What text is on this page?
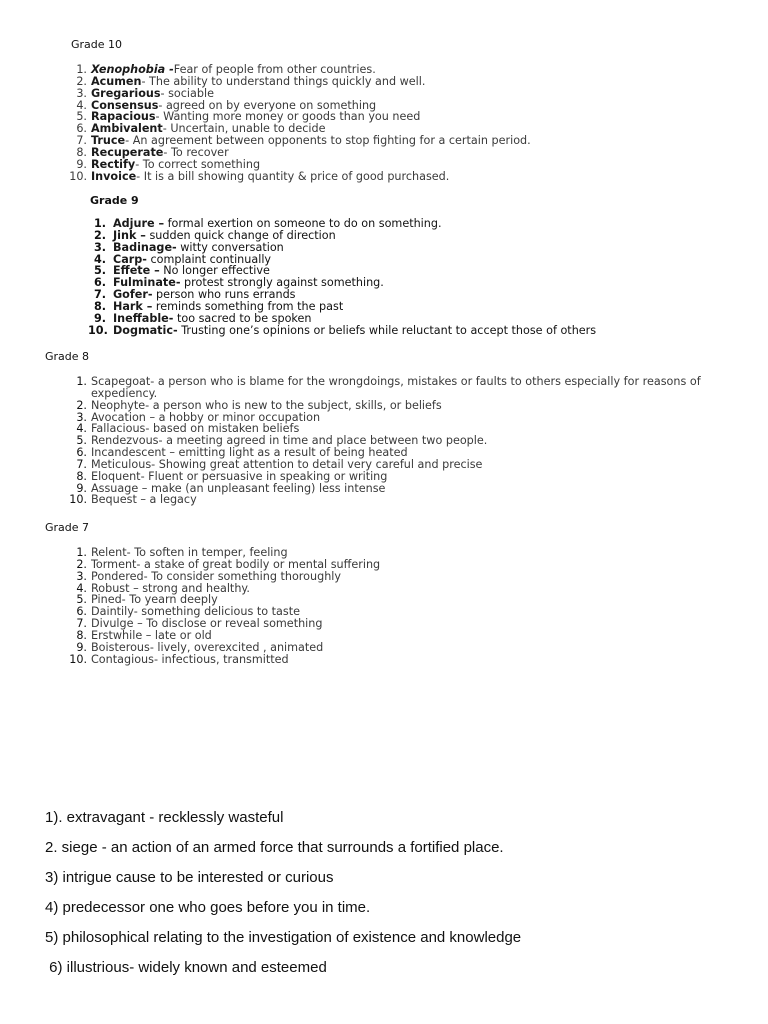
Grade 10
1. Xenophobia -Fear of people from other countries.
2. Acumen- The ability to understand things quickly and well.
3. Gregarious- sociable
4. Consensus- agreed on by everyone on something
5. Rapacious- Wanting more money or goods than you need
6. Ambivalent- Uncertain, unable to decide
7. Truce- An agreement between opponents to stop fighting for a certain period.
8. Recuperate- To recover
9. Rectify- To correct something
10. Invoice- It is a bill showing quantity & price of good purchased.
Grade 9
1. Adjure – formal exertion on someone to do on something.
2. Jink – sudden quick change of direction
3. Badinage- witty conversation
4. Carp- complaint continually
5. Effete – No longer effective
6. Fulminate- protest strongly against something.
7. Gofer- person who runs errands
8. Hark – reminds something from the past
9. Ineffable- too sacred to be spoken
10. Dogmatic- Trusting one’s opinions or beliefs while reluctant to accept those of others
Grade 8
1. Scapegoat- a person who is blame for the wrongdoings, mistakes or faults to others especially for reasons of expediency.
2. Neophyte- a person who is new to the subject, skills, or beliefs
3. Avocation – a hobby or minor occupation
4. Fallacious- based on mistaken beliefs
5. Rendezvous- a meeting agreed in time and place between two people.
6. Incandescent – emitting light as a result of being heated
7. Meticulous- Showing great attention to detail very careful and precise
8. Eloquent- Fluent or persuasive in speaking or writing
9. Assuage – make (an unpleasant feeling) less intense
10. Bequest – a legacy
Grade 7
1. Relent- To soften in temper, feeling
2. Torment- a stake of great bodily or mental suffering
3. Pondered- To consider something thoroughly
4. Robust – strong and healthy.
5. Pined- To yearn deeply
6. Daintily- something delicious to taste
7. Divulge – To disclose or reveal something
8. Erstwhile – late or old
9. Boisterous- lively, overexcited , animated
10. Contagious- infectious, transmitted
1). extravagant - recklessly wasteful
2. siege - an action of an armed force that surrounds a fortified place.
3) intrigue cause to be interested or curious
4) predecessor one who goes before you in time.
5) philosophical relating to the investigation of existence and knowledge
6) illustrious- widely known and esteemed
